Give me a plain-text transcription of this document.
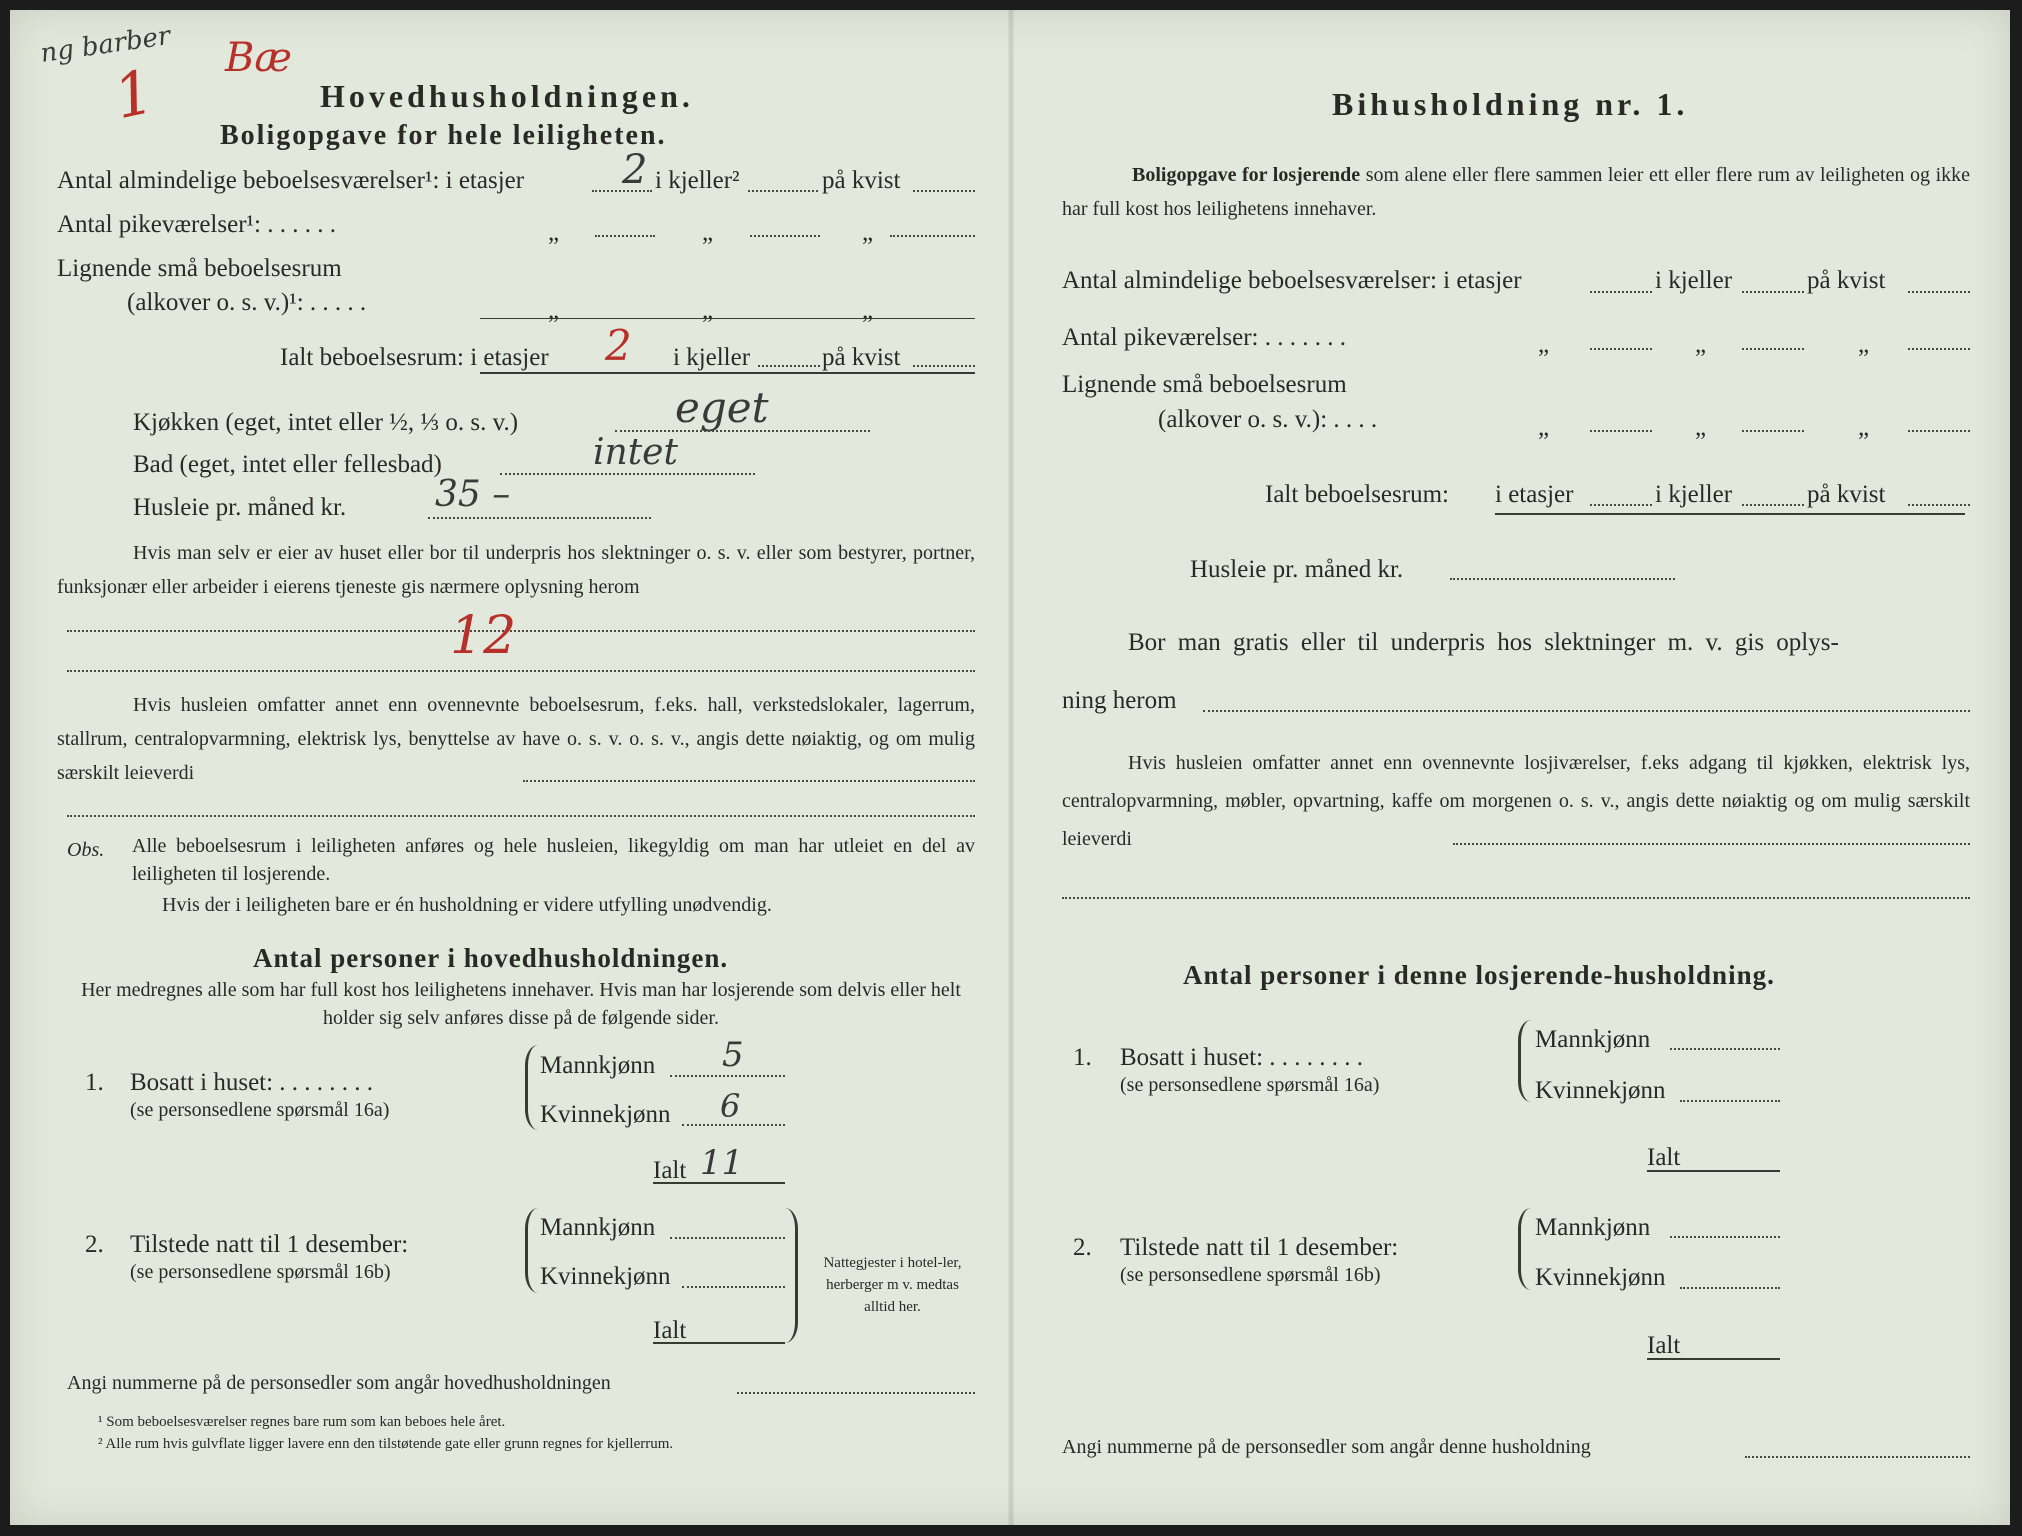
ng barber
1 Bæ
Hovedhusholdningen.
Boligopgave for hele leiligheten.
Antal almindelige beboelsesværelser¹: i etasjer 2 i kjeller²	på kvist
Antal pikeværelser¹: . . . . . .	„	„	„
Lignende små beboelsesrum
(alkover o. s. v.)¹: . . . . .	„	„	„
Ialt beboelsesrum: i etasjer 2 i kjeller	på kvist
Kjøkken (eget, intet eller ½, ⅓ o. s. v.)	eget
Bad (eget, intet eller fellesbad)	intet
Husleie pr. måned kr. 35 –
Hvis man selv er eier av huset eller bor til underpris hos slektninger o. s. v. eller som bestyrer, portner, funksjonær eller arbeider i eierens tjeneste gis nærmere oplysning herom
12
Hvis husleien omfatter annet enn ovennevnte beboelsesrum, f.eks. hall, verkstedslokaler, lagerrum, stallrum, centralopvarmning, elektrisk lys, benyttelse av have o. s. v. o. s. v., angis dette nøiaktig, og om mulig særskilt leieverdi
Obs. Alle beboelsesrum i leiligheten anføres og hele husleien, likegyldig om man har utleiet en del av leiligheten til losjerende.
Hvis der i leiligheten bare er én husholdning er videre utfylling unødvendig.
Antal personer i hovedhusholdningen.
Her medregnes alle som har full kost hos leilighetens innehaver. Hvis man har losjerende som delvis eller helt holder sig selv anføres disse på de følgende sider.
1. Bosatt i huset: . . . . . . . .
(se personsedlene spørsmål 16a)
Mannkjønn 5
Kvinnekjønn 6
Ialt 11
2. Tilstede natt til 1 desember:
(se personsedlene spørsmål 16b)
Mannkjønn
Kvinnekjønn
Ialt
Nattegjester i hotel-ler, herberger m v. medtas alltid her.
Angi nummerne på de personsedler som angår hovedhusholdningen
¹ Som beboelsesværelser regnes bare rum som kan beboes hele året.
² Alle rum hvis gulvflate ligger lavere enn den tilstøtende gate eller grunn regnes for kjellerrum.
Bihusholdning nr. 1.
Boligopgave for losjerende som alene eller flere sammen leier ett eller flere rum av leiligheten og ikke har full kost hos leilighetens innehaver.
Antal almindelige beboelsesværelser: i etasjer	i kjeller	på kvist
Antal pikeværelser: . . . . . . .	„	„	„
Lignende små beboelsesrum
(alkover o. s. v.): . . . .	„	„	„
Ialt beboelsesrum: i etasjer	i kjeller	på kvist
Husleie pr. måned kr.
Bor man gratis eller til underpris hos slektninger m. v. gis oplys-
ning herom
Hvis husleien omfatter annet enn ovennevnte losjiværelser, f.eks adgang til kjøkken, elektrisk lys, centralopvarmning, møbler, opvartning, kaffe om morgenen o. s. v., angis dette nøiaktig og om mulig særskilt leieverdi
Antal personer i denne losjerende-husholdning.
1. Bosatt i huset: . . . . . . . .
(se personsedlene spørsmål 16a)
Mannkjønn
Kvinnekjønn
Ialt
2. Tilstede natt til 1 desember:
(se personsedlene spørsmål 16b)
Mannkjønn
Kvinnekjønn
Ialt
Angi nummerne på de personsedler som angår denne husholdning
